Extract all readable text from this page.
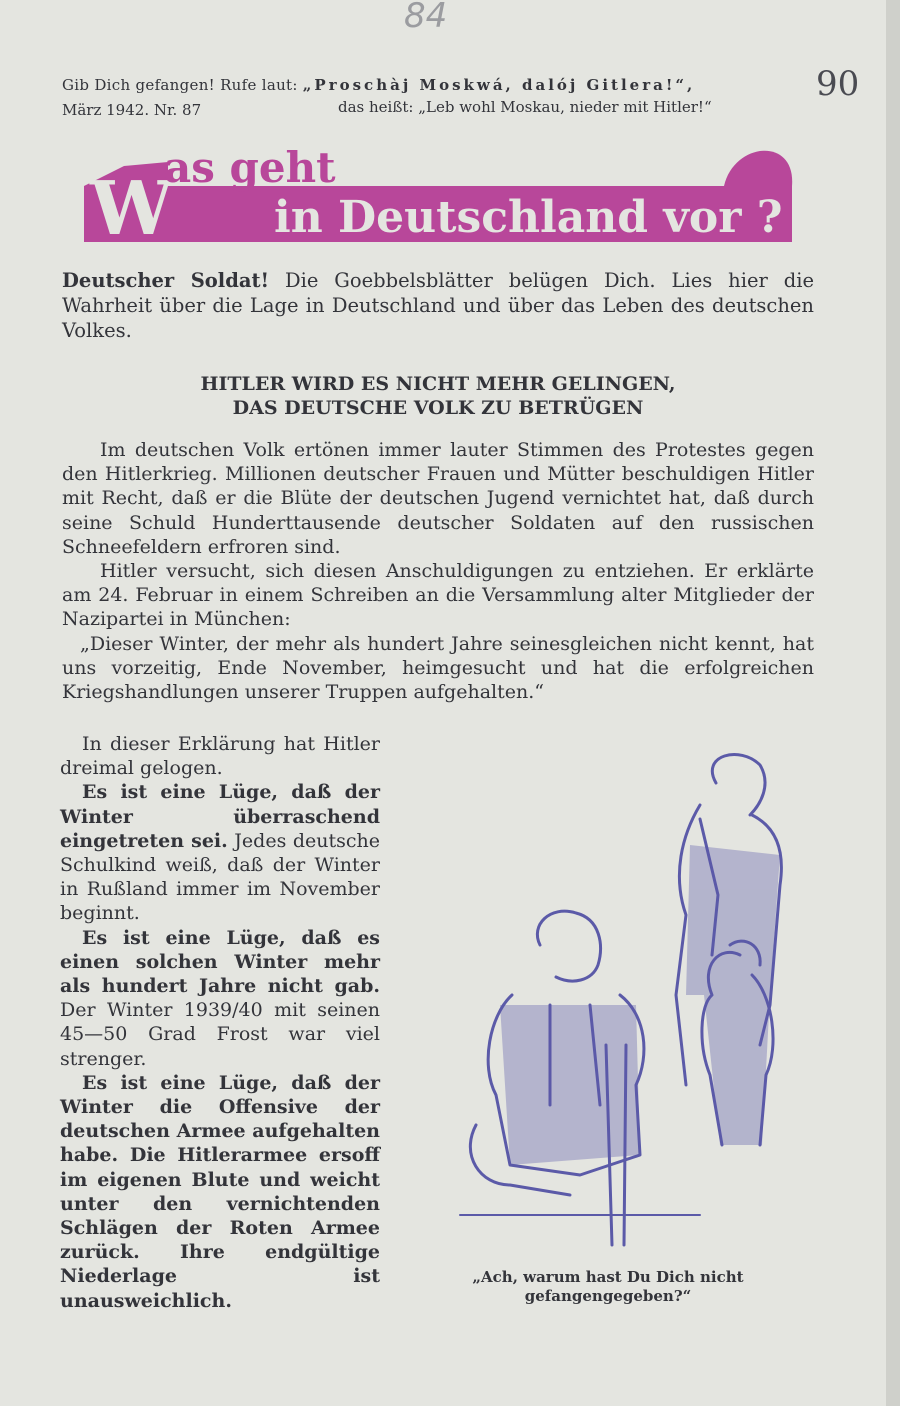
84
90
Gib Dich gefangen! Rufe laut: „Proschàj Moskwá, dalój Gitlera!“,
März 1942. Nr. 87	das heißt: „Leb wohl Moskau, nieder mit Hitler!“
W
as geht
in Deutschland vor ?
Deutscher Soldat! Die Goebbelsblätter belügen Dich. Lies hier die Wahrheit über die Lage in Deutschland und über das Leben des deutschen Volkes.
HITLER WIRD ES NICHT MEHR GELINGEN,
DAS DEUTSCHE VOLK ZU BETRÜGEN

Im deutschen Volk ertönen immer lauter Stimmen des Protestes gegen den Hitlerkrieg. Millionen deutscher Frauen und Mütter beschuldigen Hitler mit Recht, daß er die Blüte der deutschen Jugend vernichtet hat, daß durch seine Schuld Hunderttausende deutscher Soldaten auf den russischen Schneefeldern erfroren sind.

Hitler versucht, sich diesen Anschuldigungen zu entziehen. Er erklärte am 24. Februar in einem Schreiben an die Versammlung alter Mitglieder der Nazipartei in München:

„Dieser Winter, der mehr als hundert Jahre seinesgleichen nicht kennt, hat uns vorzeitig, Ende November, heimgesucht und hat die erfolgreichen Kriegshandlungen unserer Truppen aufgehalten.“

In dieser Erklärung hat Hitler dreimal gelogen.

Es ist eine Lüge, daß der Winter überraschend eingetreten sei. Jedes deutsche Schulkind weiß, daß der Winter in Rußland immer im November beginnt.

Es ist eine Lüge, daß es einen solchen Winter mehr als hundert Jahre nicht gab. Der Winter 1939/40 mit seinen 45—50 Grad Frost war viel strenger.

Es ist eine Lüge, daß der Winter die Offensive der deutschen Armee aufgehalten habe. Die Hitlerarmee ersoff im eigenen Blute und weicht unter den vernichtenden Schlägen der Roten Armee zurück. Ihre endgültige Niederlage ist unausweichlich.

„Ach, warum hast Du Dich nicht gefangengegeben?“
